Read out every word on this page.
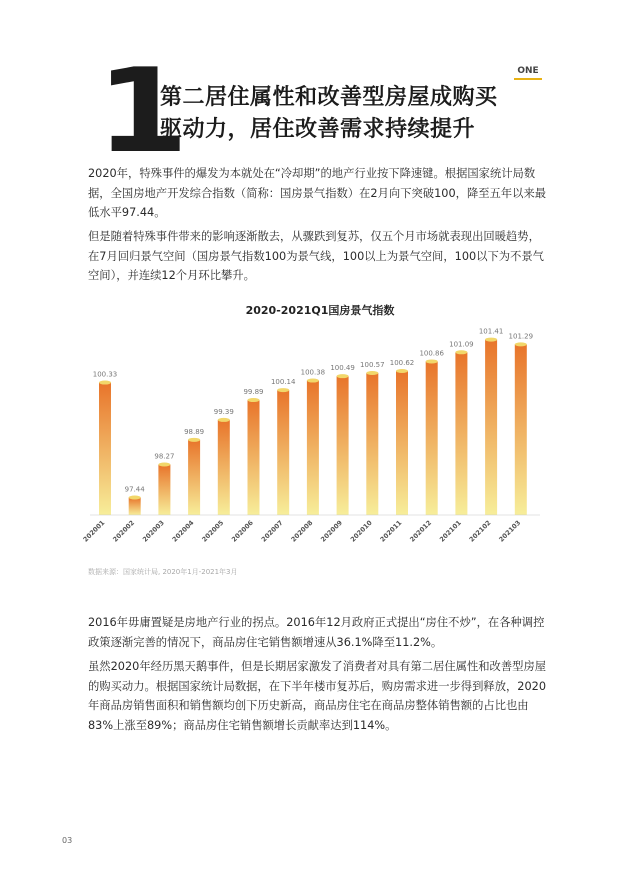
ONE
1
第二居住属性和改善型房屋成购买
驱动力，居住改善需求持续提升

2020年，特殊事件的爆发为本就处在“冷却期”的地产行业按下降速键。根据国家统计局数据，全国房地产开发综合指数（简称：国房景气指数）在2月向下突破100，降至五年以来最低水平97.44。

但是随着特殊事件带来的影响逐渐散去，从骤跌到复苏，仅五个月市场就表现出回暖趋势，在7月回归景气空间（国房景气指数100为景气线，100以上为景气空间，100以下为不景气空间），并连续12个月环比攀升。

2020-2021Q1国房景气指数
100.33
202001
97.44
202002
98.27
202003
98.89
202004
99.39
202005
99.89
202006
100.14
202007
100.38
202008
100.49
202009
100.57
202010
100.62
202011
100.86
202012
101.09
202101
101.41
202102
101.29
202103
数据来源：国家统计局, 2020年1月-2021年3月

2016年毋庸置疑是房地产行业的拐点。2016年12月政府正式提出“房住不炒”，在各种调控政策逐渐完善的情况下，商品房住宅销售额增速从36.1%降至11.2%。

虽然2020年经历黑天鹅事件，但是长期居家激发了消费者对具有第二居住属性和改善型房屋的购买动力。根据国家统计局数据，在下半年楼市复苏后，购房需求进一步得到释放，2020年商品房销售面积和销售额均创下历史新高，商品房住宅在商品房整体销售额的占比也由83%上涨至89%；商品房住宅销售额增长贡献率达到114%。

03
